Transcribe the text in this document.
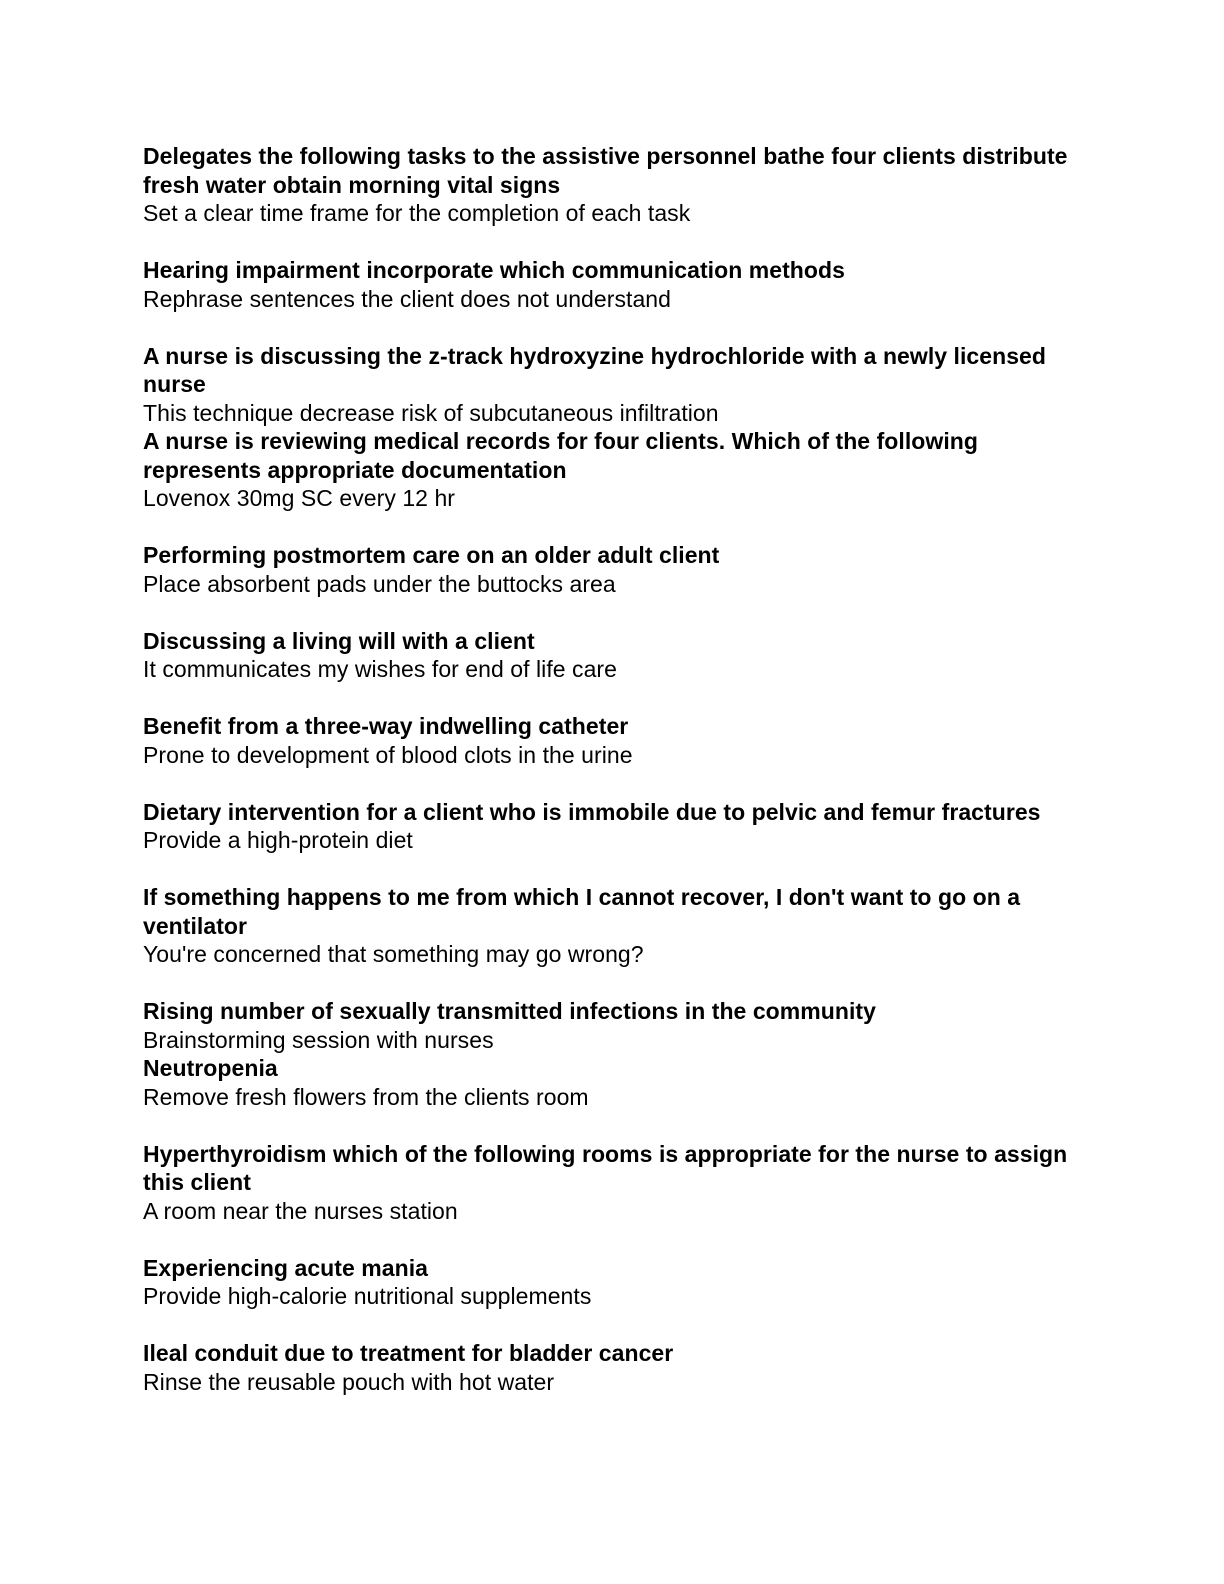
Delegates the following tasks to the assistive personnel bathe four clients distribute fresh water obtain morning vital signs

Set a clear time frame for the completion of each task

Hearing impairment incorporate which communication methods

Rephrase sentences the client does not understand

A nurse is discussing the z-track hydroxyzine hydrochloride with a newly licensed nurse

This technique decrease risk of subcutaneous infiltration

A nurse is reviewing medical records for four clients. Which of the following represents appropriate documentation

Lovenox 30mg SC every 12 hr

Performing postmortem care on an older adult client

Place absorbent pads under the buttocks area

Discussing a living will with a client

It communicates my wishes for end of life care

Benefit from a three-way indwelling catheter

Prone to development of blood clots in the urine

Dietary intervention for a client who is immobile due to pelvic and femur fractures

Provide a high-protein diet

If something happens to me from which I cannot recover, I don't want to go on a ventilator

You're concerned that something may go wrong?

Rising number of sexually transmitted infections in the community

Brainstorming session with nurses

Neutropenia

Remove fresh flowers from the clients room

Hyperthyroidism which of the following rooms is appropriate for the nurse to assign this client

A room near the nurses station

Experiencing acute mania

Provide high-calorie nutritional supplements

Ileal conduit due to treatment for bladder cancer

Rinse the reusable pouch with hot water
